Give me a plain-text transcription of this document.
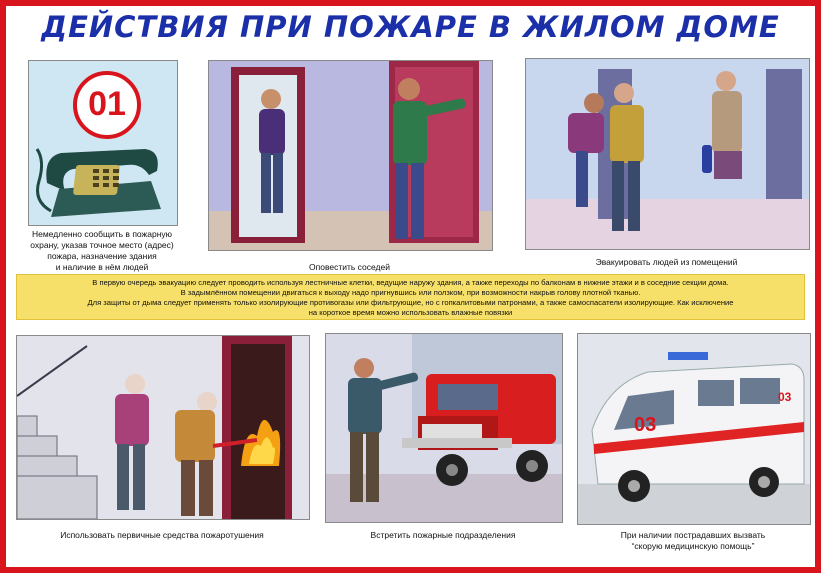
ДЕЙСТВИЯ ПРИ ПОЖАРЕ В ЖИЛОМ ДОМЕ
01
Немедленно сообщить в пожарную
охрану, указав точное место (адрес)
пожара, назначение здания
и наличие в нём людей	Оповестить соседей	Эвакуировать людей из помещений
В первую очередь эвакуацию следует проводить используя лестничные клетки, ведущие наружу здания, а также переходы по балконам в нижние этажи и в соседние секции дома.
В задымлённом помещении двигаться к выходу надо пригнувшись или ползком, при возможности накрыв голову плотной тканью.
Для защиты от дыма следует применять только изолирующие противогазы или фильтрующие, но с гопкалитовыми патронами, а также самоспасатели изолирующие. Как исключение
на короткое время можно использовать влажные повязки
Использовать первичные средства пожаротушения	Встретить пожарные подразделения
03
03
При наличии пострадавших вызвать
“скорую медицинскую помощь”
